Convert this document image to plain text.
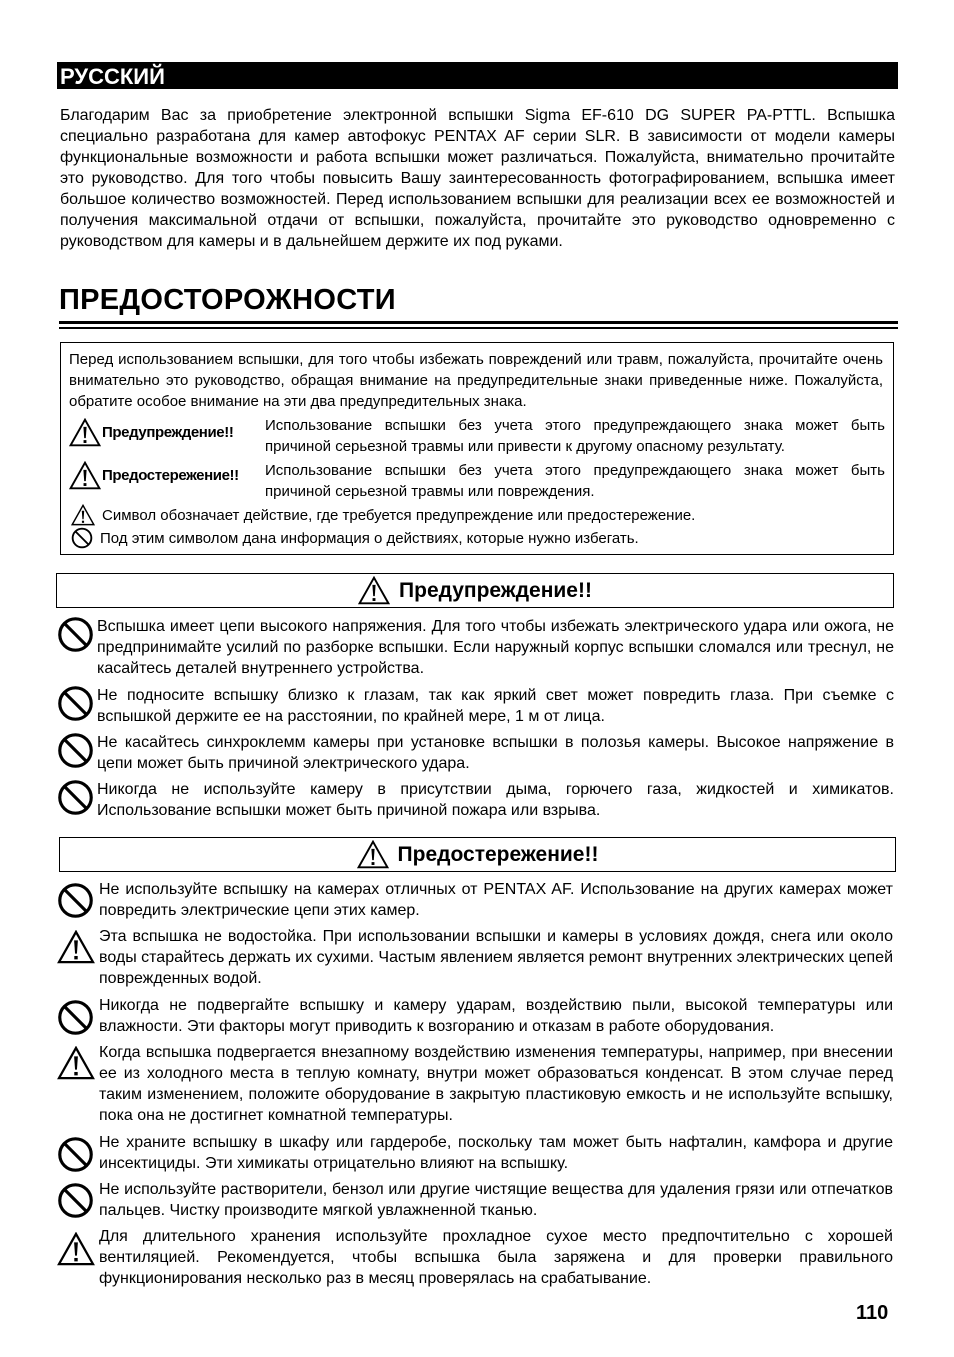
РУССКИЙ
Благодарим Вас за приобретение электронной вспышки Sigma EF-610 DG SUPER PA-PTTL. Вспышка специально разработана для камер автофокус PENTAX AF серии SLR. В зависимости от модели камеры функциональные возможности и работа вспышки может различаться. Пожалуйста, внимательно прочитайте это руководство. Для того чтобы повысить Вашу заинтересованность фотографированием, вспышка имеет большое количество возможностей. Перед использованием вспышки для реализации всех ее возможностей и получения максимальной отдачи от вспышки, пожалуйста, прочитайте это руководство одновременно с руководством для камеры и в дальнейшем держите их под руками.
ПРЕДОСТОРОЖНОСТИ
Перед использованием вспышки, для того чтобы избежать повреждений или травм, пожалуйста, прочитайте очень внимательно это руководство, обращая внимание на предупредительные знаки приведенные ниже. Пожалуйста, обратите особое внимание на эти два предупредительных знака.
Предупреждение!! Использование вспышки без учета этого предупреждающего знака может быть причиной серьезной травмы или привести к другому опасному результату.
Предостережение!! Использование вспышки без учета этого предупреждающего знака может быть причиной серьезной травмы или повреждения.
Символ обозначает действие, где требуется предупреждение или предостережение.
Под этим символом дана информация о действиях, которые нужно избегать.
Предупреждение!!
Вспышка имеет цепи высокого напряжения. Для того чтобы избежать электрического удара или ожога, не предпринимайте усилий по разборке вспышки. Если наружный корпус вспышки сломался или треснул, не касайтесь деталей внутреннего устройства.
Не подносите вспышку близко к глазам, так как яркий свет может повредить глаза. При съемке с вспышкой держите ее на расстоянии, по крайней мере, 1 м от лица.
Не касайтесь синхроклемм камеры при установке вспышки в полозья камеры. Высокое напряжение в цепи может быть причиной электрического удара.
Никогда не используйте камеру в присутствии дыма, горючего газа, жидкостей и химикатов. Использование вспышки может быть причиной пожара или взрыва.
Предостережение!!
Не используйте вспышку на камерах отличных от PENTAX AF. Использование на других камерах может повредить электрические цепи этих камер.
Эта вспышка не водостойка. При использовании вспышки и камеры в условиях дождя, снега или около воды старайтесь держать их сухими. Частым явлением является ремонт внутренних электрических цепей поврежденных водой.
Никогда не подвергайте вспышку и камеру ударам, воздействию пыли, высокой температуры или влажности. Эти факторы могут приводить к возгоранию и отказам в работе оборудования.
Когда вспышка подвергается внезапному воздействию изменения температуры, например, при внесении ее из холодного места в теплую комнату, внутри может образоваться конденсат. В этом случае перед таким изменением, положите оборудование в закрытую пластиковую емкость и не используйте вспышку, пока она не достигнет комнатной температуры.
Не храните вспышку в шкафу или гардеробе, поскольку там может быть нафталин, камфора и другие инсектициды. Эти химикаты отрицательно влияют на вспышку.
Не используйте растворители, бензол или другие чистящие вещества для удаления грязи или отпечатков пальцев. Чистку производите мягкой увлажненной тканью.
Для длительного хранения используйте прохладное сухое место предпочтительно с хорошей вентиляцией. Рекомендуется, чтобы вспышка была заряжена и для проверки правильного функционирования несколько раз в месяц проверялась на срабатывание.
110
